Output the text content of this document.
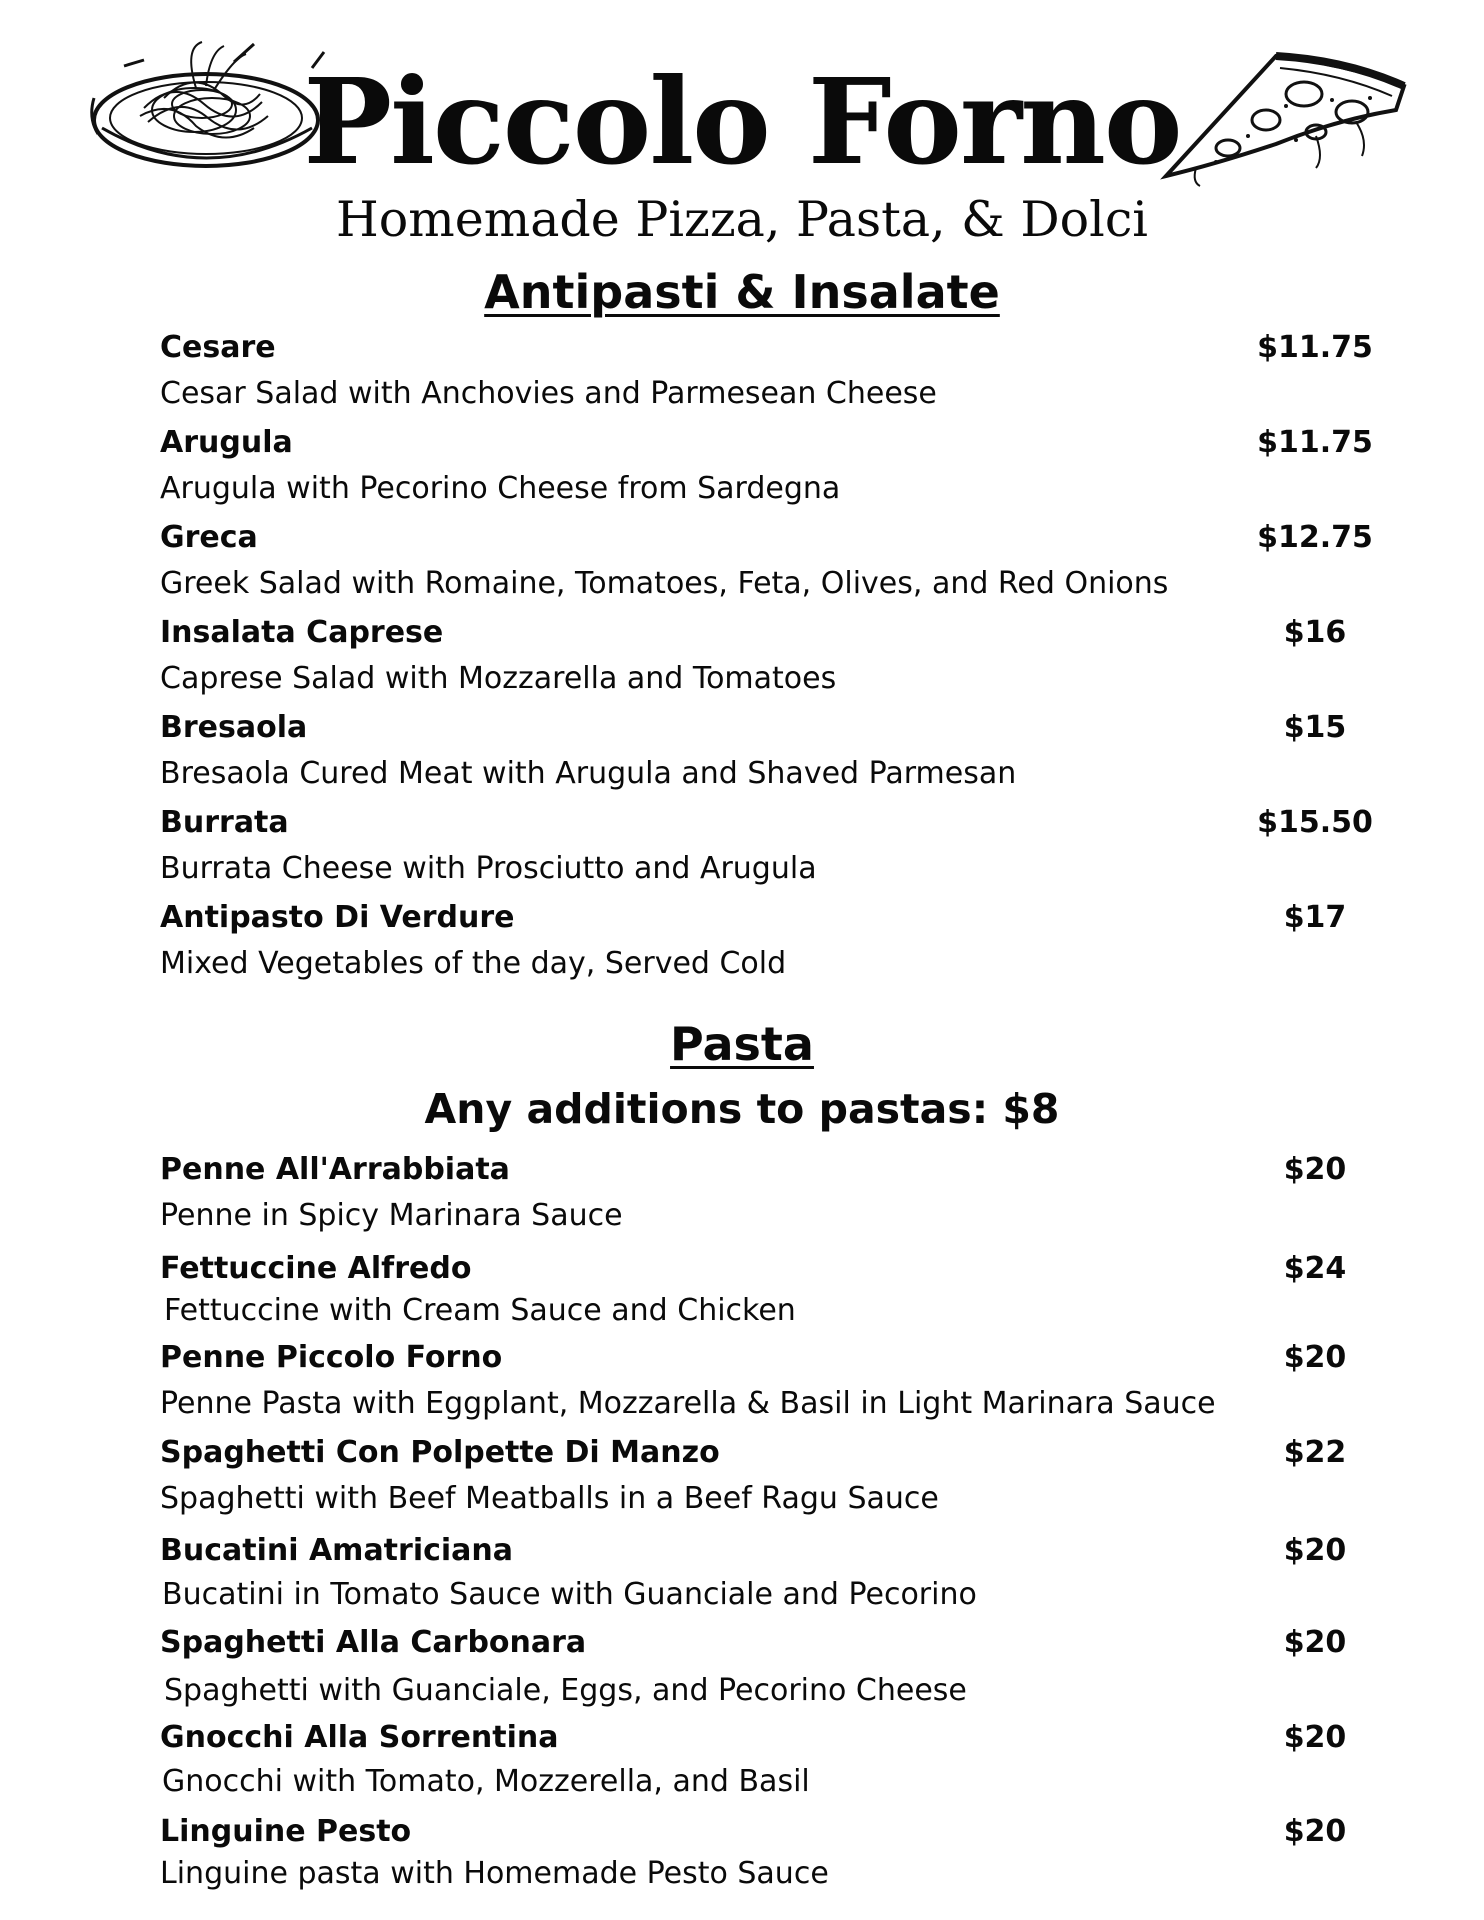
Piccolo Forno
Homemade Pizza, Pasta, & Dolci
Antipasti & Insalate
Cesare	$11.75
Cesar Salad with Anchovies and Parmesean Cheese
Arugula	$11.75
Arugula with Pecorino Cheese from Sardegna
Greca	$12.75
Greek Salad with Romaine, Tomatoes, Feta, Olives, and Red Onions
Insalata Caprese	$16
Caprese Salad with Mozzarella and Tomatoes
Bresaola	$15
Bresaola Cured Meat with Arugula and Shaved Parmesan
Burrata	$15.50
Burrata Cheese with Prosciutto and Arugula
Antipasto Di Verdure	$17
Mixed Vegetables of the day, Served Cold
Pasta
Any additions to pastas: $8
Penne All'Arrabbiata	$20
Penne in Spicy Marinara Sauce
Fettuccine Alfredo	$24
Fettuccine with Cream Sauce and Chicken
Penne Piccolo Forno	$20
Penne Pasta with Eggplant, Mozzarella & Basil in Light Marinara Sauce
Spaghetti Con Polpette Di Manzo	$22
Spaghetti with Beef Meatballs in a Beef Ragu Sauce
Bucatini Amatriciana	$20
Bucatini in Tomato Sauce with Guanciale and Pecorino
Spaghetti Alla Carbonara	$20
Spaghetti with Guanciale, Eggs, and Pecorino Cheese
Gnocchi Alla Sorrentina	$20
Gnocchi with Tomato, Mozzerella, and Basil
Linguine Pesto	$20
Linguine pasta with Homemade Pesto Sauce
